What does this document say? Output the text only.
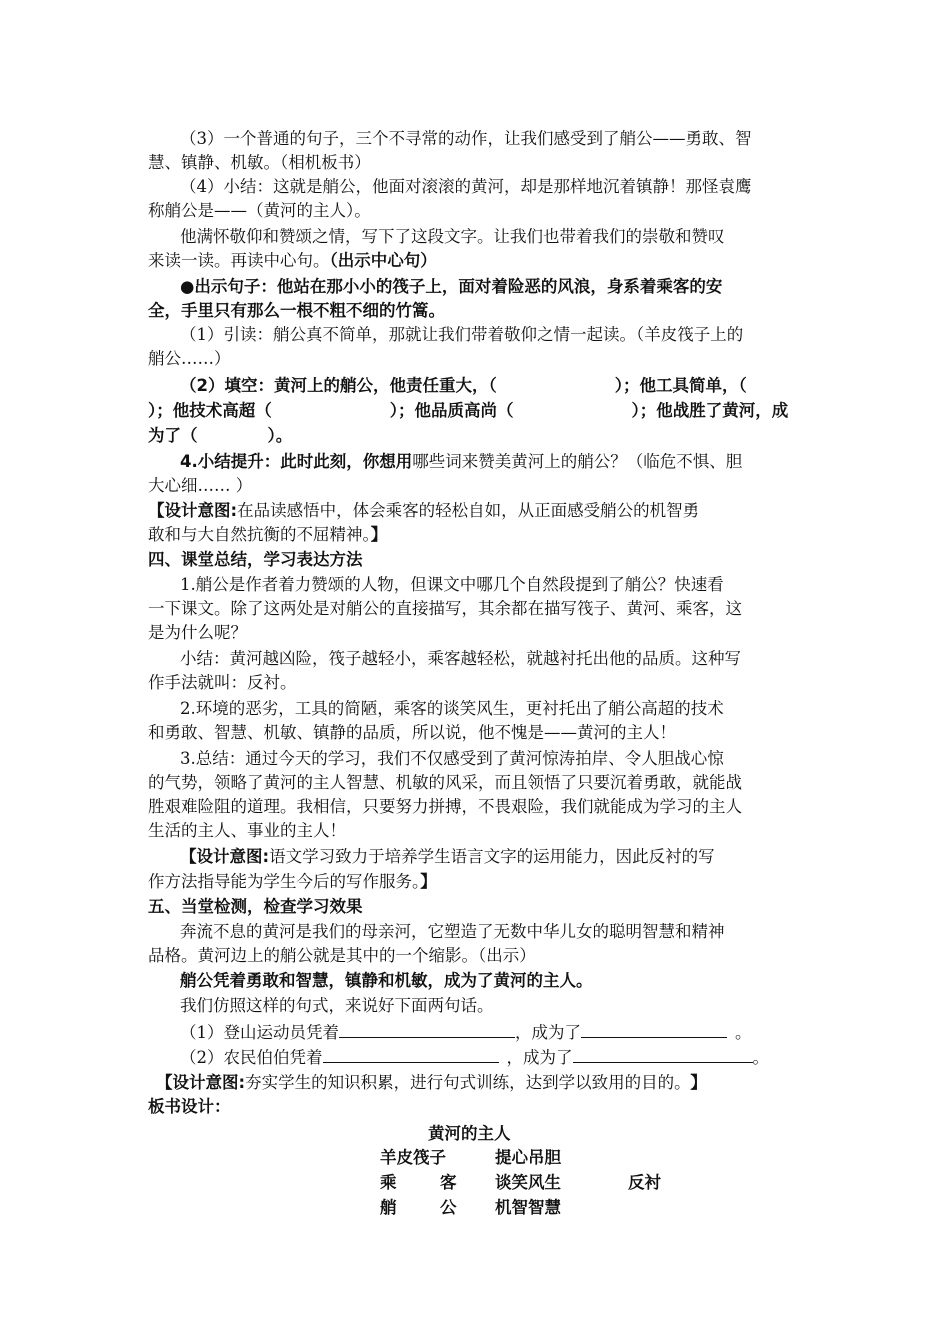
（3）一个普通的句子，三个不寻常的动作，让我们感受到了艄公——勇敢、智
慧、镇静、机敏。（相机板书）
（4）小结：这就是艄公，他面对滚滚的黄河，却是那样地沉着镇静！那怪袁鹰
称艄公是——（黄河的主人）。
他满怀敬仰和赞颂之情，写下了这段文字。让我们也带着我们的崇敬和赞叹
来读一读。再读中心句。（出示中心句）
●出示句子：他站在那小小的筏子上，面对着险恶的风浪，身系着乘客的安
全，手里只有那么一根不粗不细的竹篙。
（1）引读：艄公真不简单，那就让我们带着敬仰之情一起读。（羊皮筏子上的
艄公……）
（2）填空：黄河上的艄公，他责任重大，（	）；他工具简单，（
）；他技术高超（	）；他品质高尚（	）；他战胜了黄河，成
为了（	）。
4.小结提升：此时此刻，你想用哪些词来赞美黄河上的艄公？（临危不惧、胆
大心细…… ）
【设计意图:在品读感悟中，体会乘客的轻松自如，从正面感受艄公的机智勇
敢和与大自然抗衡的不屈精神。】
四、课堂总结，学习表达方法
1.艄公是作者着力赞颂的人物，但课文中哪几个自然段提到了艄公？快速看
一下课文。除了这两处是对艄公的直接描写，其余都在描写筏子、黄河、乘客，这
是为什么呢？
小结：黄河越凶险，筏子越轻小，乘客越轻松，就越衬托出他的品质。这种写
作手法就叫：反衬。
2.环境的恶劣，工具的简陋，乘客的谈笑风生，更衬托出了艄公高超的技术
和勇敢、智慧、机敏、镇静的品质，所以说，他不愧是——黄河的主人！
3.总结：通过今天的学习，我们不仅感受到了黄河惊涛拍岸、令人胆战心惊
的气势，领略了黄河的主人智慧、机敏的风采，而且领悟了只要沉着勇敢，就能战
胜艰难险阻的道理。我相信，只要努力拼搏，不畏艰险，我们就能成为学习的主人
生活的主人、事业的主人！
【设计意图:语文学习致力于培养学生语言文字的运用能力，因此反衬的写
作方法指导能为学生今后的写作服务。】
五、当堂检测，检查学习效果
奔流不息的黄河是我们的母亲河，它塑造了无数中华儿女的聪明智慧和精神
品格。黄河边上的艄公就是其中的一个缩影。（出示）
艄公凭着勇敢和智慧，镇静和机敏，成为了黄河的主人。
我们仿照这样的句式，来说好下面两句话。
（1）登山运动员凭着	，成为了	。
（2）农民伯伯凭着	，成为了	。
【设计意图:夯实学生的知识积累，进行句式训练，达到学以致用的目的。 】
板书设计：
黄河的主人
羊皮筏子	提心吊胆
乘	客 谈笑风生	反衬
艄	公 机智智慧
